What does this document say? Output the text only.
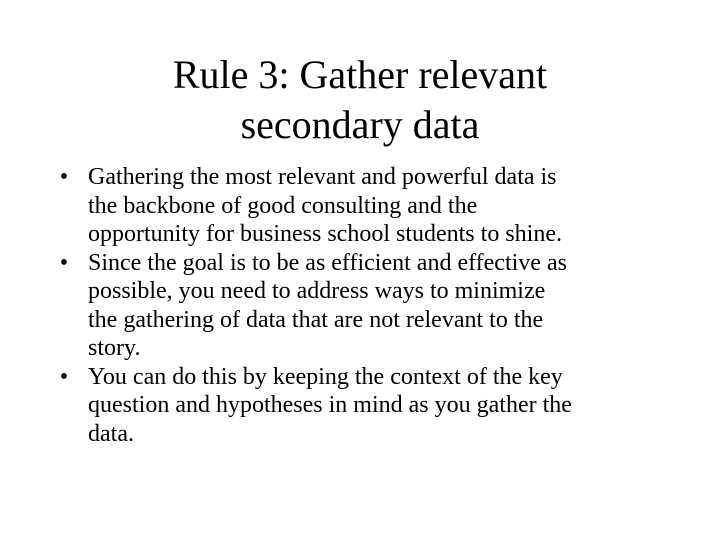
Rule 3: Gather relevant
secondary data
• Gathering the most relevant and powerful data is
the backbone of good consulting and the
opportunity for business school students to shine.
• Since the goal is to be as efficient and effective as
possible, you need to address ways to minimize
the gathering of data that are not relevant to the
story.
• You can do this by keeping the context of the key
question and hypotheses in mind as you gather the
data.
